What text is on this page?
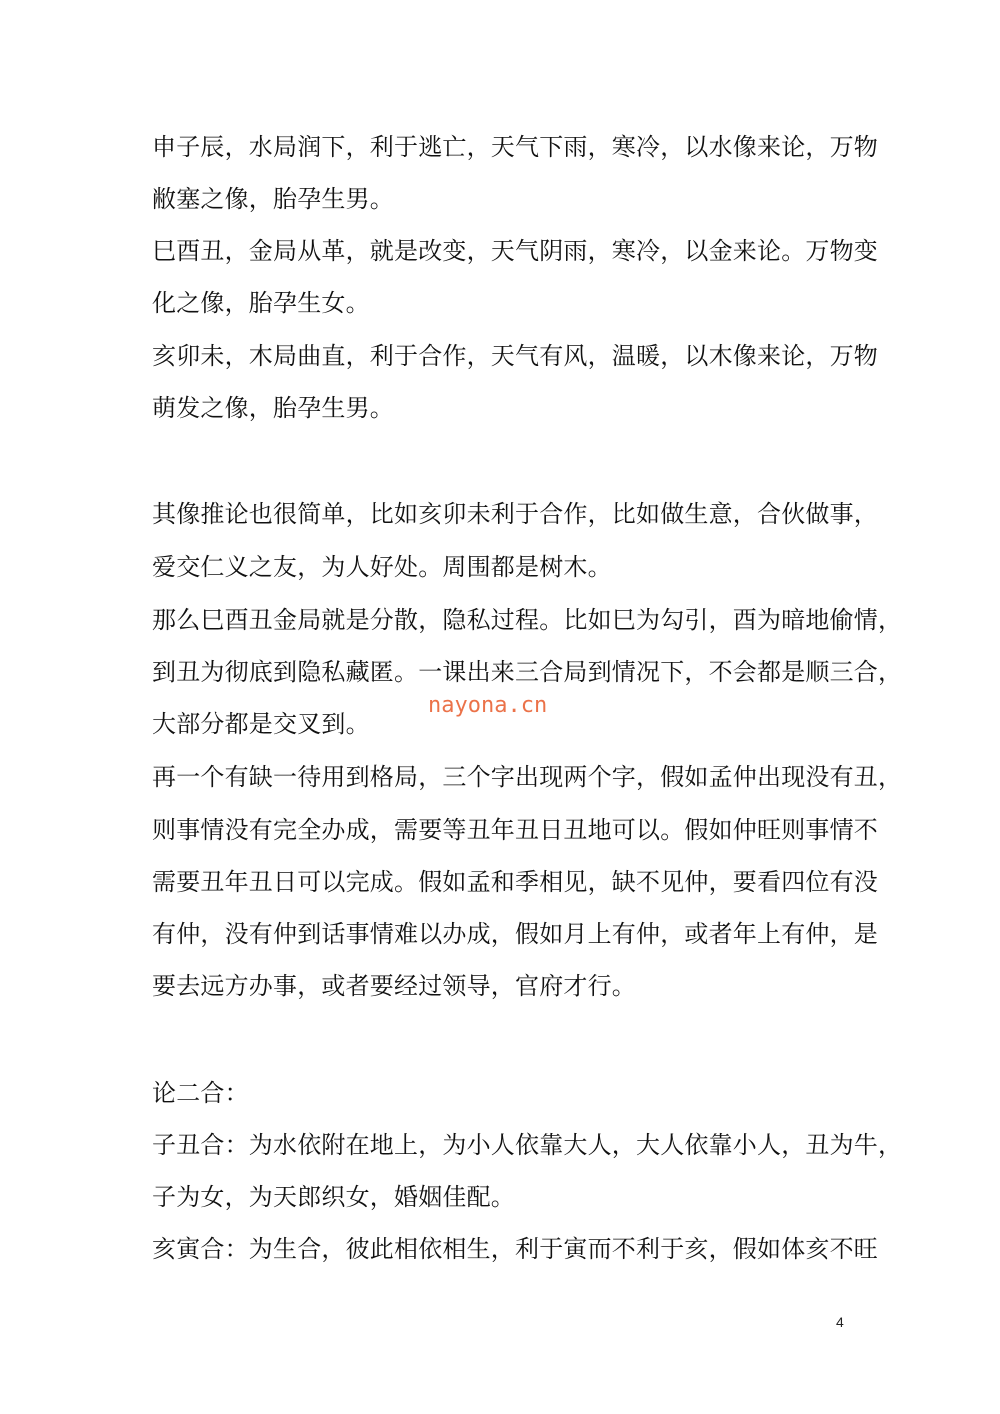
申子辰，水局润下，利于逃亡，天气下雨，寒冷，以水像来论，万物
敝塞之像，胎孕生男。
巳酉丑，金局从革，就是改变，天气阴雨，寒冷，以金来论。万物变
化之像，胎孕生女。
亥卯未，木局曲直，利于合作，天气有风，温暖，以木像来论，万物
萌发之像，胎孕生男。
其像推论也很简单，比如亥卯未利于合作，比如做生意，合伙做事，
爱交仁义之友，为人好处。周围都是树木。
那么巳酉丑金局就是分散，隐私过程。比如巳为勾引，酉为暗地偷情，
到丑为彻底到隐私藏匿。一课出来三合局到情况下，不会都是顺三合，
大部分都是交叉到。
再一个有缺一待用到格局，三个字出现两个字，假如孟仲出现没有丑，
则事情没有完全办成，需要等丑年丑日丑地可以。假如仲旺则事情不
需要丑年丑日可以完成。假如孟和季相见，缺不见仲，要看四位有没
有仲，没有仲到话事情难以办成，假如月上有仲，或者年上有仲，是
要去远方办事，或者要经过领导，官府才行。
论二合：
子丑合：为水依附在地上，为小人依靠大人，大人依靠小人，丑为牛，
子为女，为天郎织女，婚姻佳配。
亥寅合：为生合，彼此相依相生，利于寅而不利于亥，假如体亥不旺
nayona.cn
4
